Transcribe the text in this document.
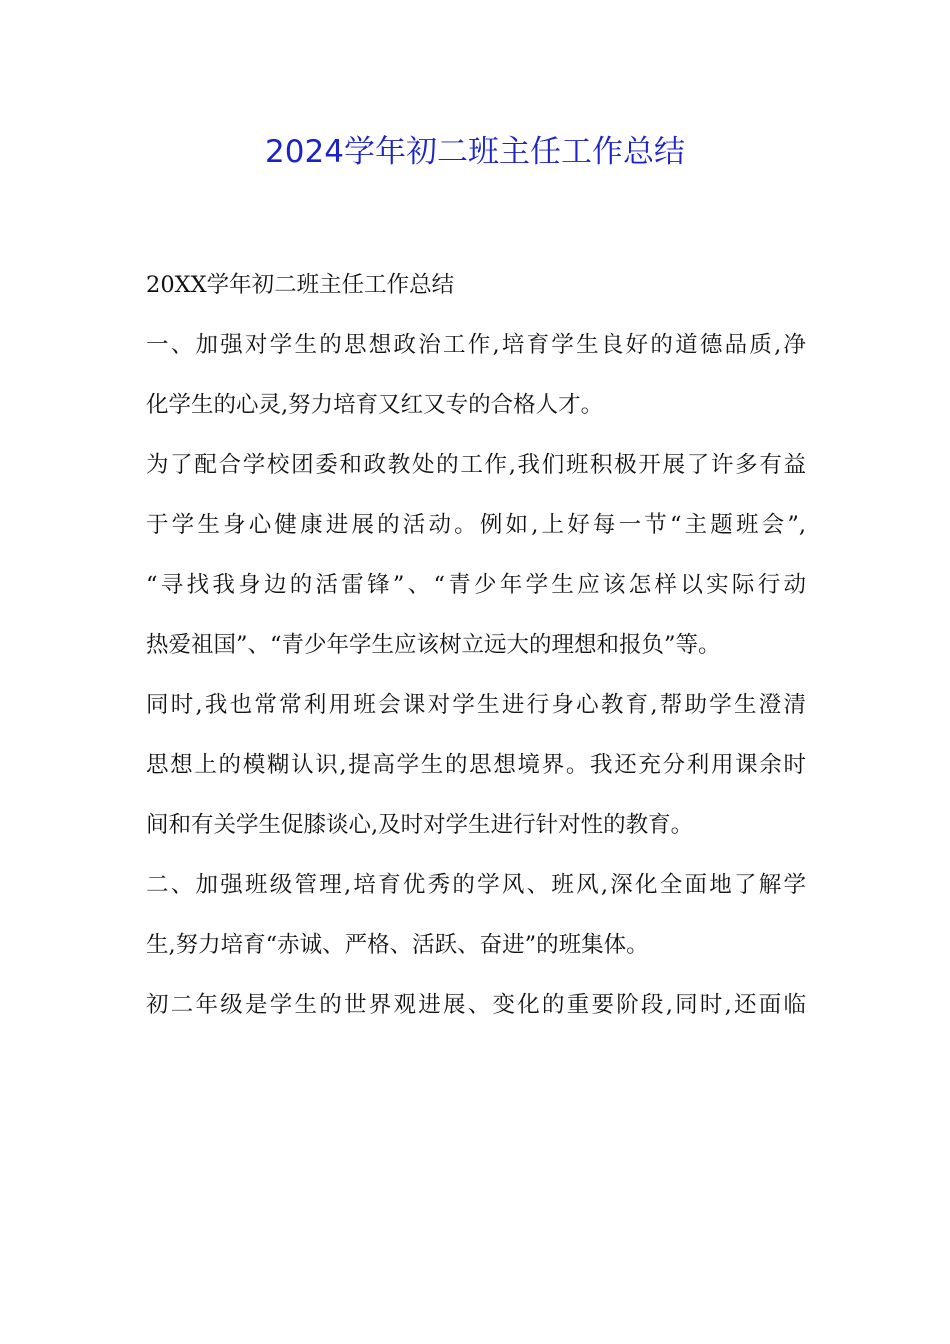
2024学年初二班主任工作总结
20XX学年初二班主任工作总结
一、加强对学生的思想政治工作,培育学生良好的道德品质,净
化学生的心灵,努力培育又红又专的合格人才。
为了配合学校团委和政教处的工作,我们班积极开展了许多有益
于学生身心健康进展的活动。例如,上好每一节“主题班会”,
“寻找我身边的活雷锋”、“青少年学生应该怎样以实际行动
热爱祖国”、“青少年学生应该树立远大的理想和报负”等。
同时,我也常常利用班会课对学生进行身心教育,帮助学生澄清
思想上的模糊认识,提高学生的思想境界。我还充分利用课余时
间和有关学生促膝谈心,及时对学生进行针对性的教育。
二、加强班级管理,培育优秀的学风、班风,深化全面地了解学
生,努力培育“赤诚、严格、活跃、奋进”的班集体。
初二年级是学生的世界观进展、变化的重要阶段,同时,还面临
